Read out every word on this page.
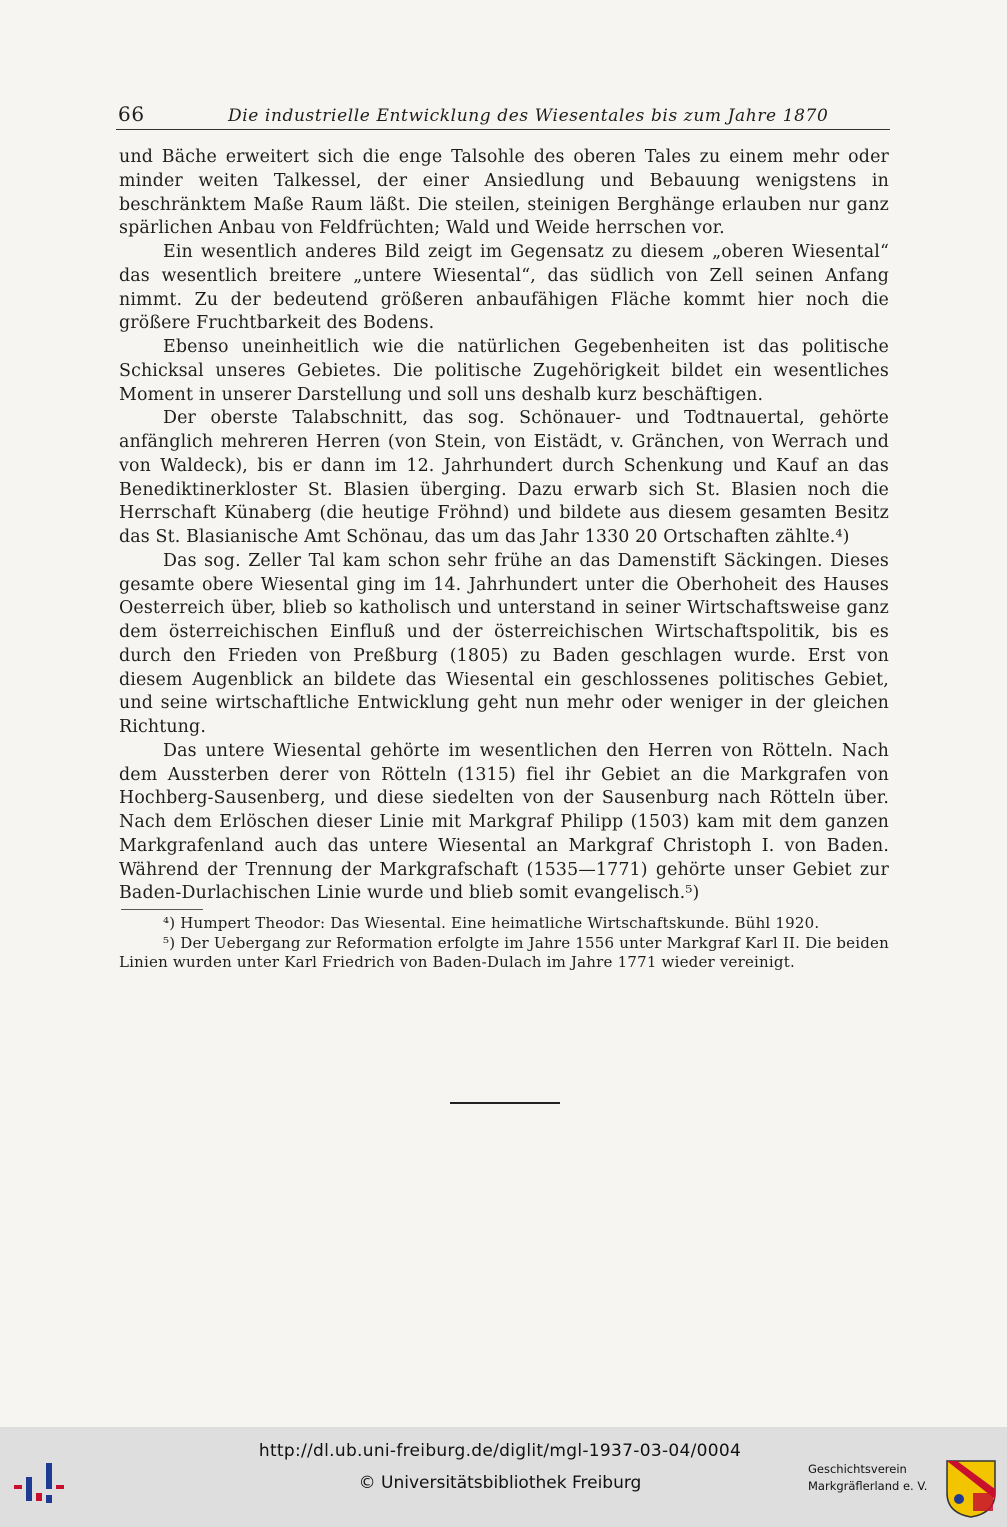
66	Die industrielle Entwicklung des Wiesentales bis zum Jahre 1870

und Bäche erweitert sich die enge Talsohle des oberen Tales zu einem mehr oder minder weiten Talkessel, der einer Ansiedlung und Bebauung wenigstens in beschränktem Maße Raum läßt. Die steilen, steinigen Berghänge erlauben nur ganz spärlichen Anbau von Feldfrüchten; Wald und Weide herrschen vor.

Ein wesentlich anderes Bild zeigt im Gegensatz zu diesem „oberen Wiesental“ das wesentlich breitere „untere Wiesental“, das südlich von Zell seinen Anfang nimmt. Zu der bedeutend größeren anbaufähigen Fläche kommt hier noch die größere Fruchtbarkeit des Bodens.

Ebenso uneinheitlich wie die natürlichen Gegebenheiten ist das politische Schicksal unseres Gebietes. Die politische Zugehörigkeit bildet ein wesentliches Moment in unserer Darstellung und soll uns deshalb kurz beschäftigen.

Der oberste Talabschnitt, das sog. Schönauer- und Todtnauertal, gehörte anfänglich mehreren Herren (von Stein, von Eistädt, v. Gränchen, von Werrach und von Waldeck), bis er dann im 12. Jahrhundert durch Schenkung und Kauf an das Benediktinerkloster St. Blasien überging. Dazu erwarb sich St. Blasien noch die Herrschaft Künaberg (die heutige Fröhnd) und bildete aus diesem gesamten Besitz das St. Blasianische Amt Schönau, das um das Jahr 1330 20 Ortschaften zählte.⁴)

Das sog. Zeller Tal kam schon sehr frühe an das Damenstift Säckingen. Dieses gesamte obere Wiesental ging im 14. Jahrhundert unter die Oberhoheit des Hauses Oesterreich über, blieb so katholisch und unterstand in seiner Wirtschaftsweise ganz dem österreichischen Einfluß und der österreichischen Wirtschaftspolitik, bis es durch den Frieden von Preßburg (1805) zu Baden geschlagen wurde. Erst von diesem Augenblick an bildete das Wiesental ein geschlossenes politisches Gebiet, und seine wirtschaftliche Entwicklung geht nun mehr oder weniger in der gleichen Richtung.

Das untere Wiesental gehörte im wesentlichen den Herren von Rötteln. Nach dem Aussterben derer von Rötteln (1315) fiel ihr Gebiet an die Markgrafen von Hochberg-Sausenberg, und diese siedelten von der Sausenburg nach Rötteln über. Nach dem Erlöschen dieser Linie mit Markgraf Philipp (1503) kam mit dem ganzen Markgrafenland auch das untere Wiesental an Markgraf Christoph I. von Baden. Während der Trennung der Markgrafschaft (1535—1771) gehörte unser Gebiet zur Baden-Durlachischen Linie wurde und blieb somit evangelisch.⁵)

⁴) Humpert Theodor: Das Wiesental. Eine heimatliche Wirtschaftskunde. Bühl 1920.

⁵) Der Uebergang zur Reformation erfolgte im Jahre 1556 unter Markgraf Karl II. Die beiden Linien wurden unter Karl Friedrich von Baden-Dulach im Jahre 1771 wieder vereinigt.

http://dl.ub.uni-freiburg.de/diglit/mgl-1937-03-04/0004
© Universitätsbibliothek Freiburg
Geschichtsverein
Markgräflerland e. V.
